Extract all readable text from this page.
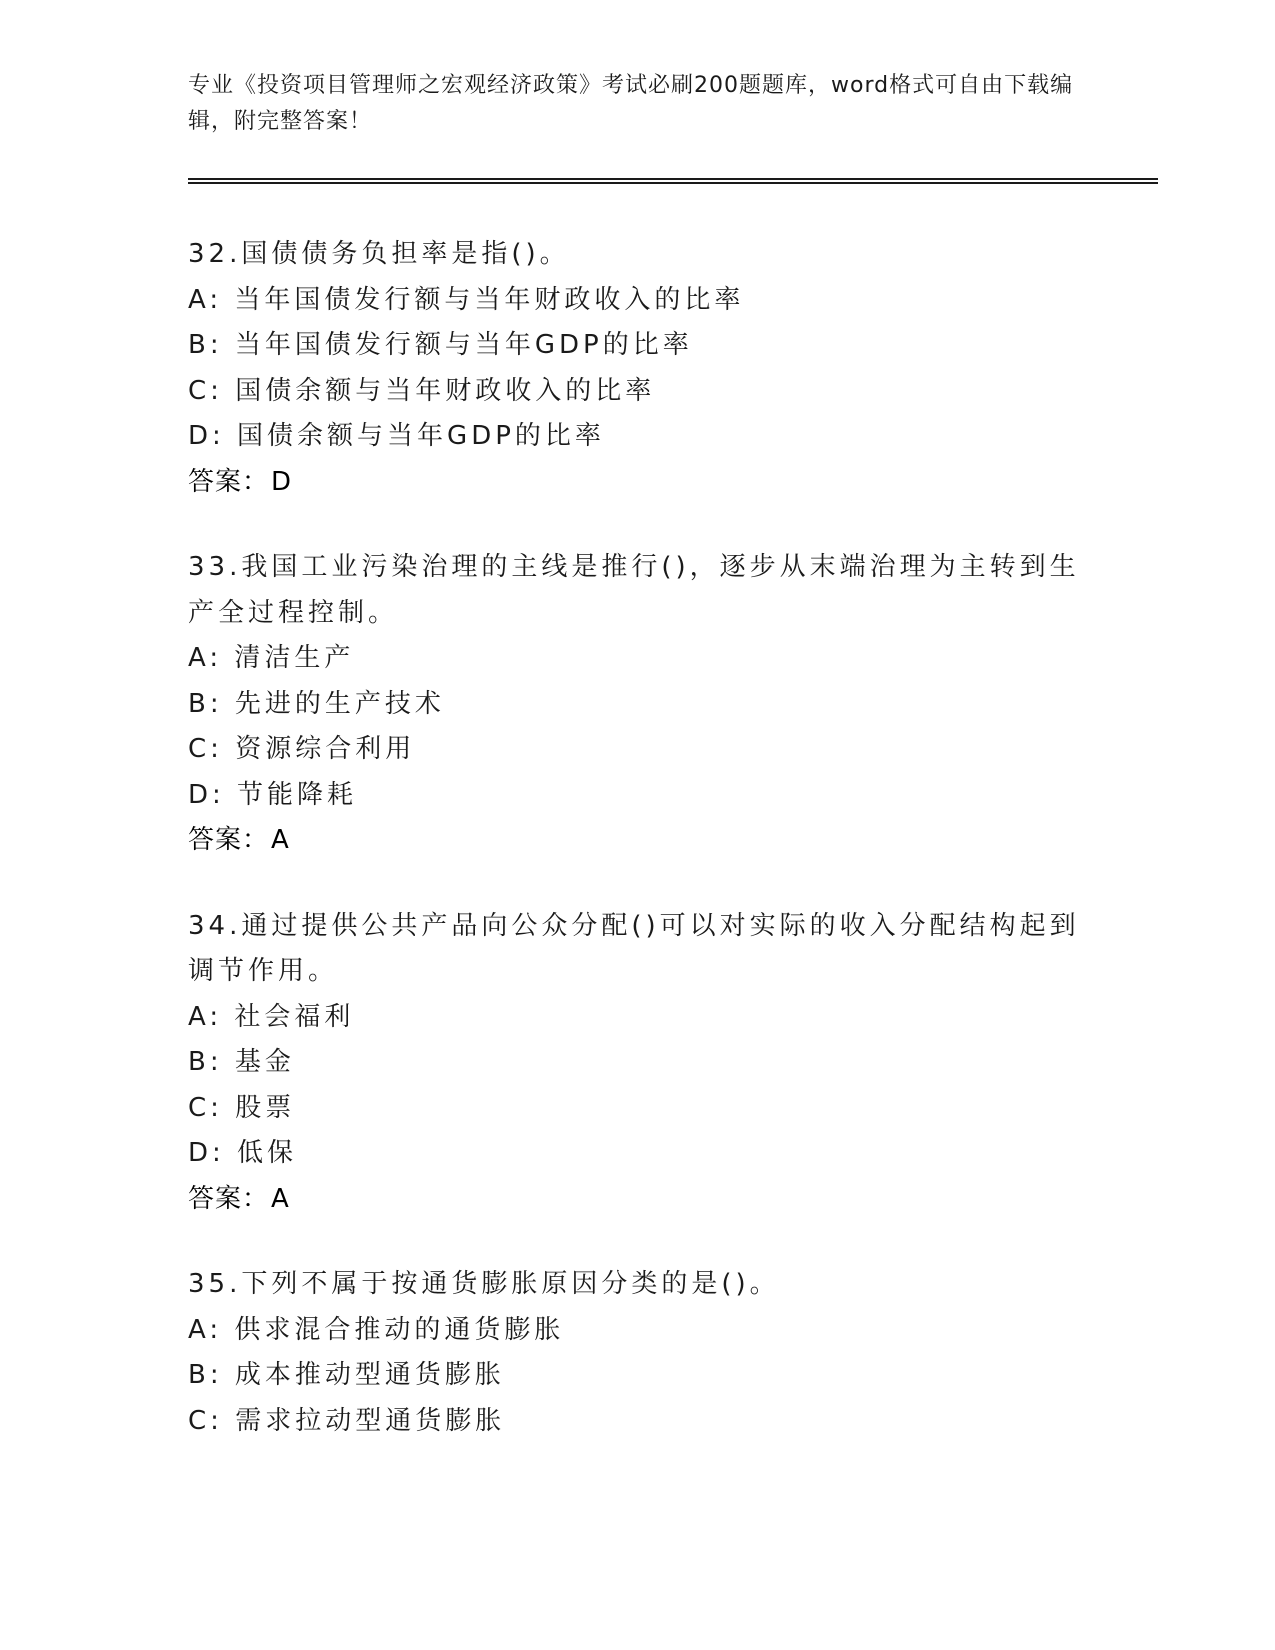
专业《投资项目管理师之宏观经济政策》考试必刷200题题库，word格式可自由下载编辑，附完整答案！
32.国债债务负担率是指()。
A: 当年国债发行额与当年财政收入的比率
B: 当年国债发行额与当年GDP的比率
C: 国债余额与当年财政收入的比率
D: 国债余额与当年GDP的比率
答案：D
33.我国工业污染治理的主线是推行()，逐步从末端治理为主转到生产全过程控制。
A: 清洁生产
B: 先进的生产技术
C: 资源综合利用
D: 节能降耗
答案：A
34.通过提供公共产品向公众分配()可以对实际的收入分配结构起到调节作用。
A: 社会福利
B: 基金
C: 股票
D: 低保
答案：A
35.下列不属于按通货膨胀原因分类的是()。
A: 供求混合推动的通货膨胀
B: 成本推动型通货膨胀
C: 需求拉动型通货膨胀
